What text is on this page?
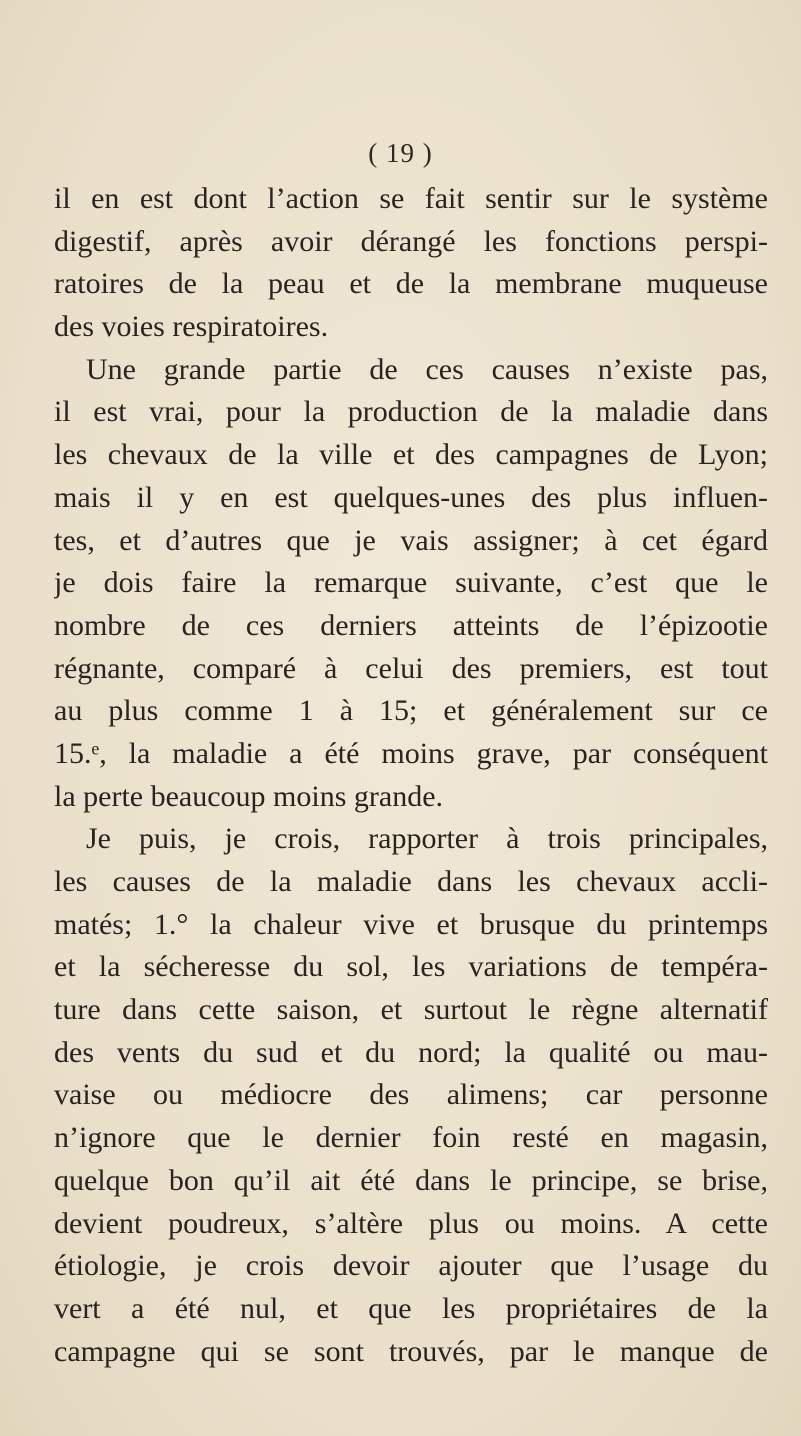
( 19 )
il en est dont l’action se fait sentir sur le système
digestif, après avoir dérangé les fonctions perspi-
ratoires de la peau et de la membrane muqueuse
des voies respiratoires.
Une grande partie de ces causes n’existe pas,
il est vrai, pour la production de la maladie dans
les chevaux de la ville et des campagnes de Lyon;
mais il y en est quelques-unes des plus influen-
tes, et d’autres que je vais assigner; à cet égard
je dois faire la remarque suivante, c’est que le
nombre de ces derniers atteints de l’épizootie
régnante, comparé à celui des premiers, est tout
au plus comme 1 à 15; et généralement sur ce
15.ᵉ, la maladie a été moins grave, par conséquent
la perte beaucoup moins grande.
Je puis, je crois, rapporter à trois principales,
les causes de la maladie dans les chevaux accli-
matés; 1.° la chaleur vive et brusque du printemps
et la sécheresse du sol, les variations de tempéra-
ture dans cette saison, et surtout le règne alternatif
des vents du sud et du nord; la qualité ou mau-
vaise ou médiocre des alimens; car personne
n’ignore que le dernier foin resté en magasin,
quelque bon qu’il ait été dans le principe, se brise,
devient poudreux, s’altère plus ou moins. A cette
étiologie, je crois devoir ajouter que l’usage du
vert a été nul, et que les propriétaires de la
campagne qui se sont trouvés, par le manque de
